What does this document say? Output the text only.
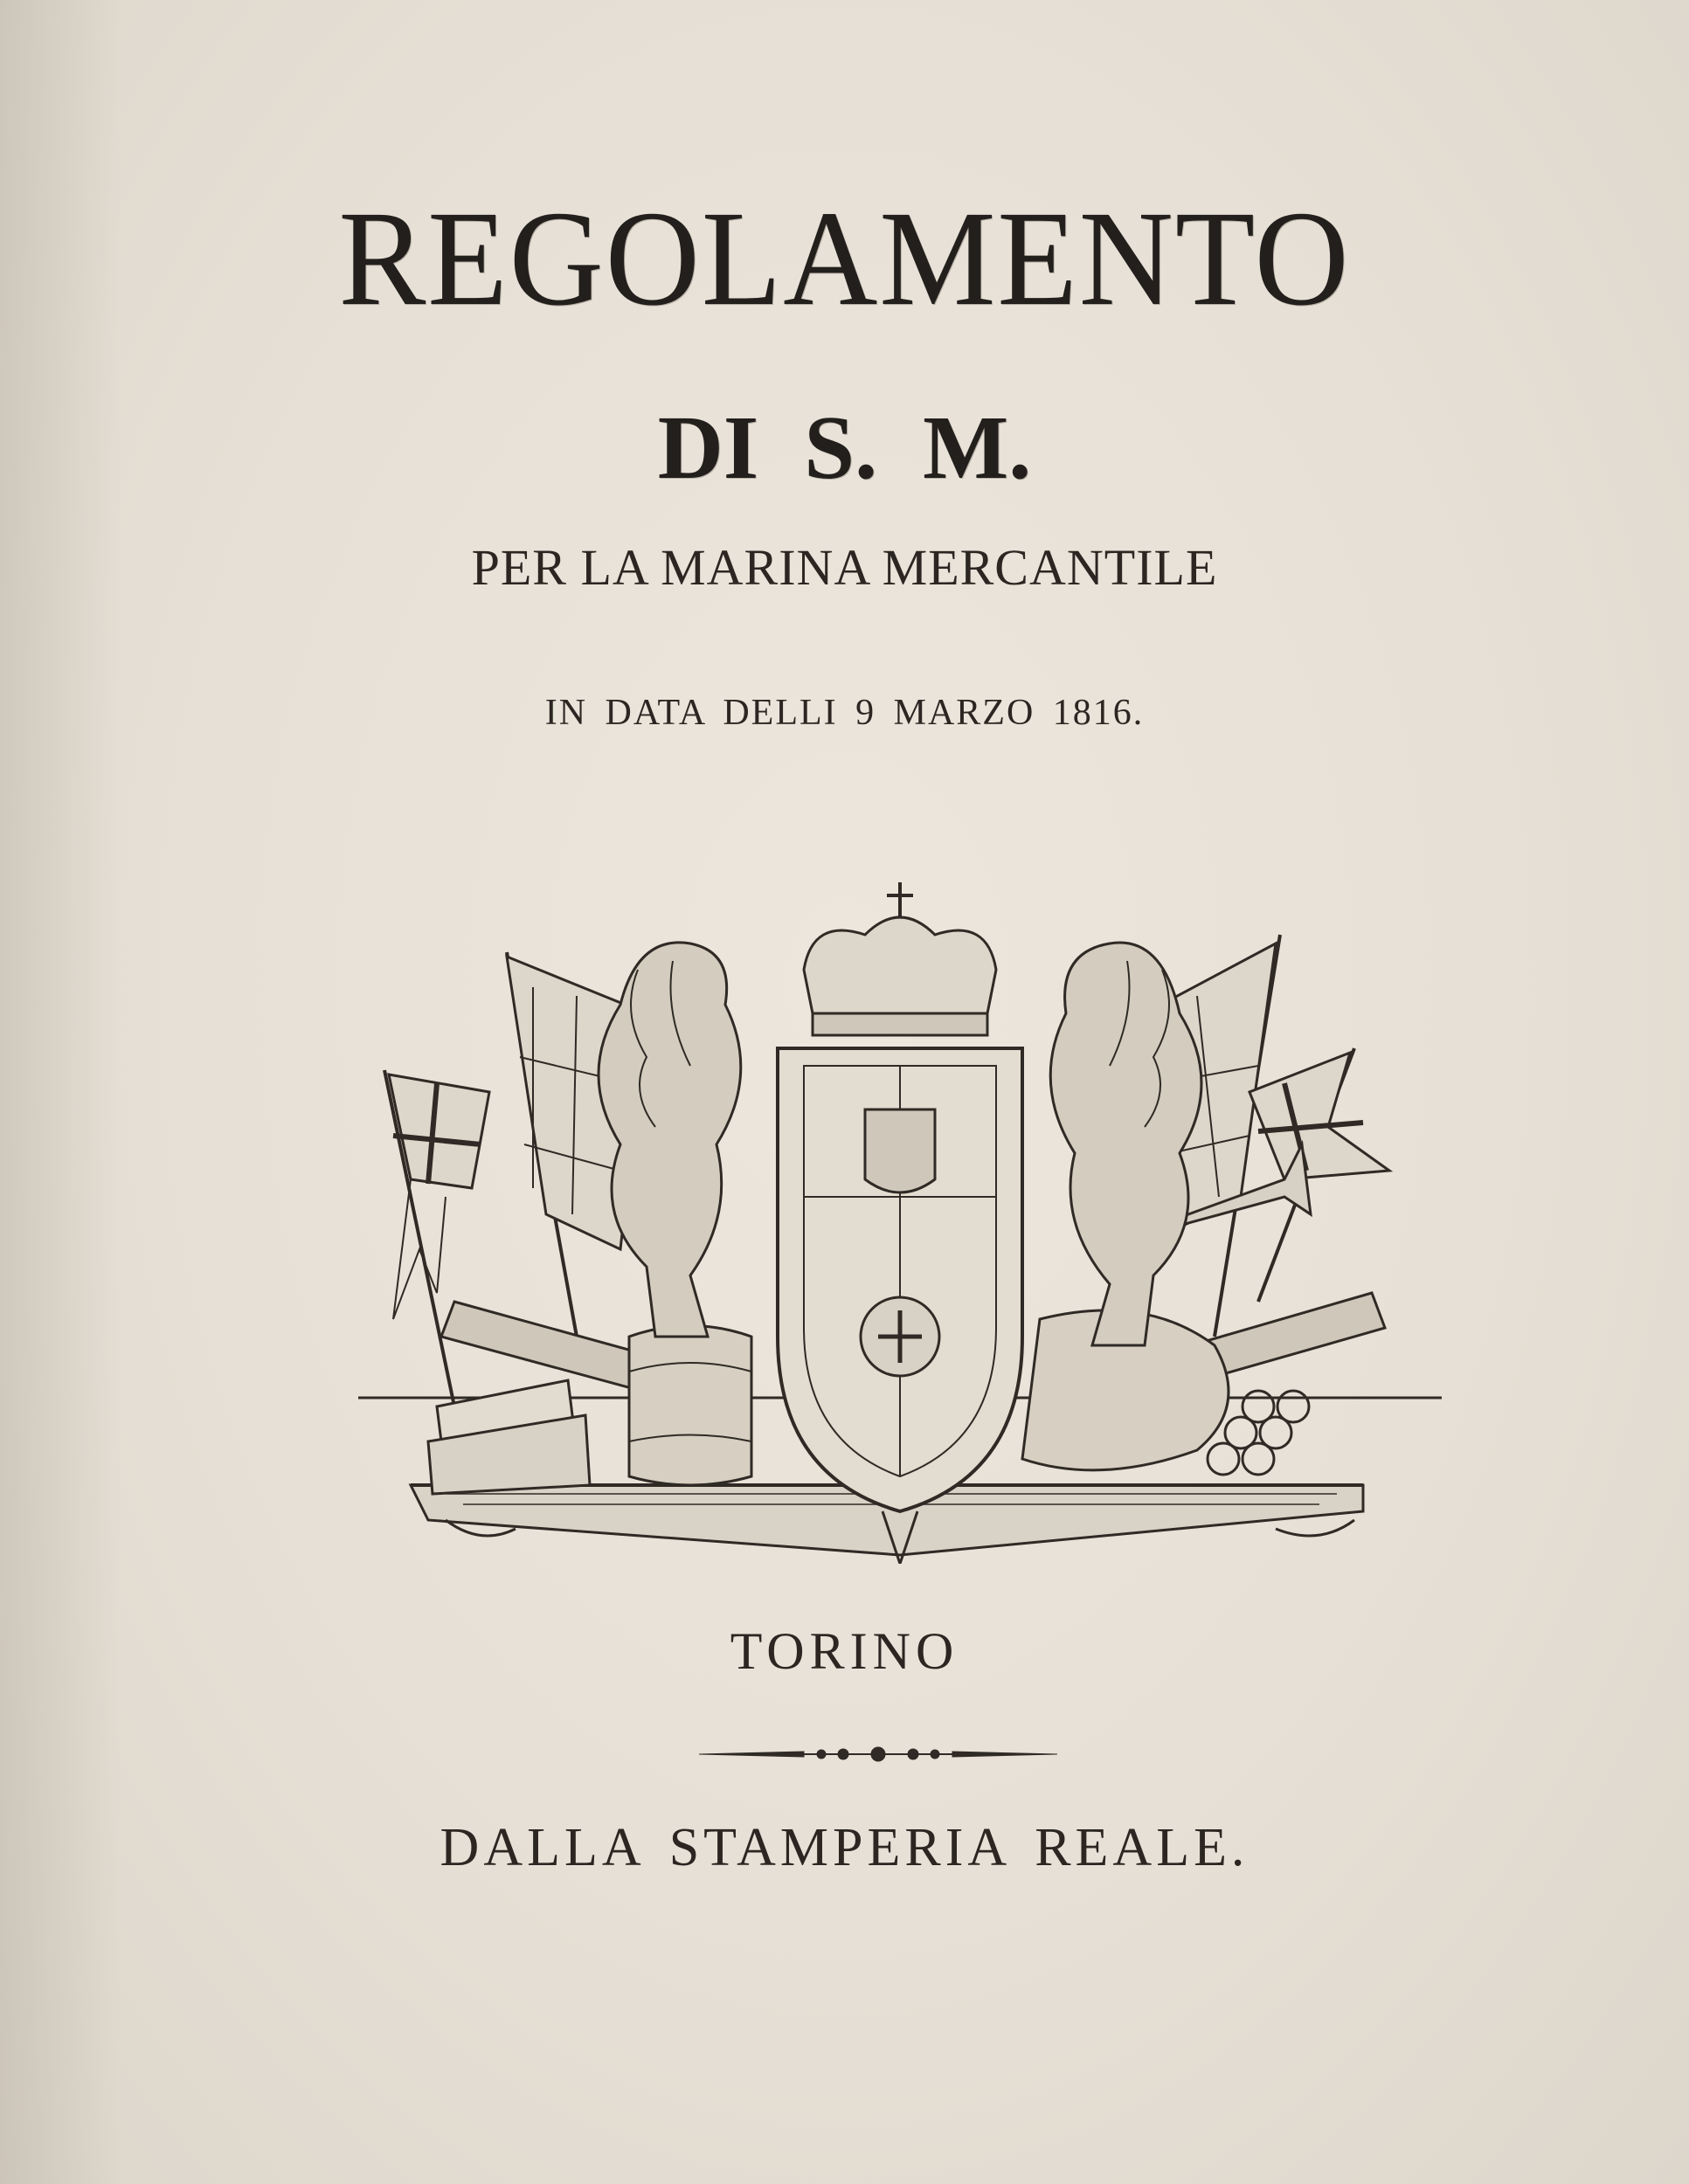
REGOLAMENTO
DI S. M.
PER LA MARINA MERCANTILE
IN DATA DELLI 9 MARZO 1816.
TORINO
DALLA STAMPERIA REALE.
